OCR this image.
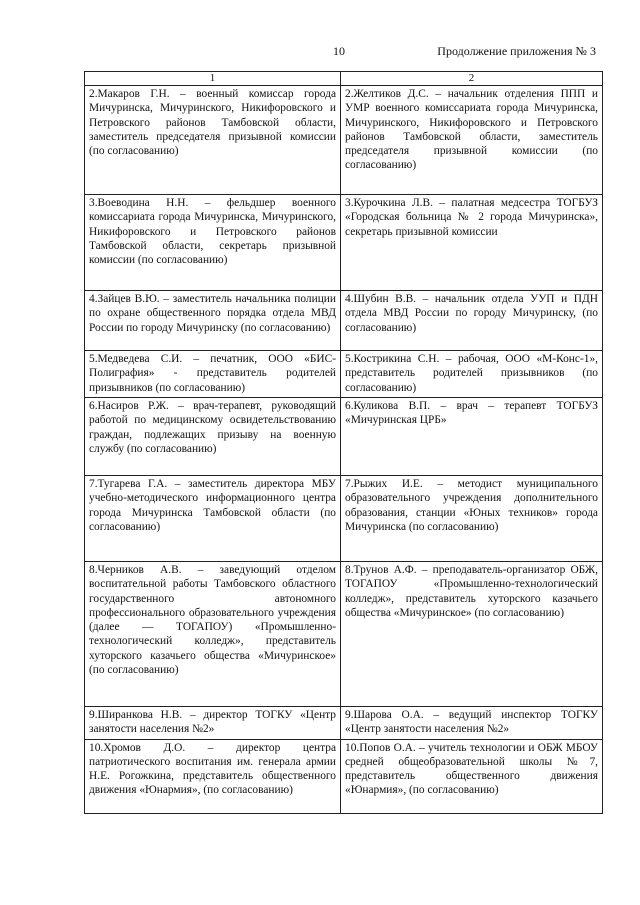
10	Продолжение приложения № 3
1	2

2.Макаров Г.Н. – военный комиссар города Мичуринска, Мичуринского, Никифоровского и Петровского районов Тамбовской области, заместитель председателя призывной комиссии (по согласованию)	2.Желтиков Д.С. – начальник отделения ППП и УМР военного комиссариата города Мичуринска, Мичуринского, Никифоровского и Петровского районов Тамбовской области, заместитель председателя призывной комиссии (по согласованию)

3.Воеводина Н.Н. – фельдшер военного комиссариата города Мичуринска, Мичуринского, Никифоровского и Петровского районов Тамбовской области, секретарь призывной комиссии (по согласованию)	3.Курочкина Л.В. – палатная медсестра ТОГБУЗ «Городская больница № 2 города Мичуринска», секретарь призывной комиссии

4.Зайцев В.Ю. – заместитель начальника полиции по охране общественного порядка отдела МВД России по городу Мичуринску (по согласованию)	4.Шубин В.В. – начальник отдела УУП и ПДН отдела МВД России по городу Мичуринску, (по согласованию)

5.Медведева С.И. – печатник, ООО «БИС-Полиграфия» - представитель родителей призывников (по согласованию)	5.Кострикина С.Н. – рабочая, ООО «М-Конс-1», представитель родителей призывников (по согласованию)

6.Насиров Р.Ж. – врач-терапевт, руководящий работой по медицинскому освидетельствованию граждан, подлежащих призыву на военную службу (по согласованию)	6.Куликова В.П. – врач – терапевт ТОГБУЗ «Мичуринская ЦРБ»

7.Тугарева Г.А. – заместитель директора МБУ учебно-методического информационного центра города Мичуринска Тамбовской области (по согласованию)	7.Рыжих И.Е. – методист муниципального образовательного учреждения дополнительного образования, станции «Юных техников» города Мичуринска (по согласованию)

8.Черников А.В. – заведующий отделом воспитательной работы Тамбовского областного государственного автономного профессионального образовательного учреждения (далее — ТОГАПОУ) «Промышленно-технологический колледж», представитель хуторского казачьего общества «Мичуринское» (по согласованию)	8.Трунов А.Ф. – преподаватель-организатор ОБЖ, ТОГАПОУ «Промышленно-технологический колледж», представитель хуторского казачьего общества «Мичуринское» (по согласованию)

9.Ширанкова Н.В. – директор ТОГКУ «Центр занятости населения №2»	9.Шарова О.А. – ведущий инспектор ТОГКУ «Центр занятости населения №2»

10.Хромов Д.О. – директор центра патриотического воспитания им. генерала армии Н.Е. Рогожкина, представитель общественного движения «Юнармия», (по согласованию)	10.Попов О.А. – учитель технологии и ОБЖ МБОУ средней общеобразовательной школы №7, представитель общественного движения «Юнармия», (по согласованию)
